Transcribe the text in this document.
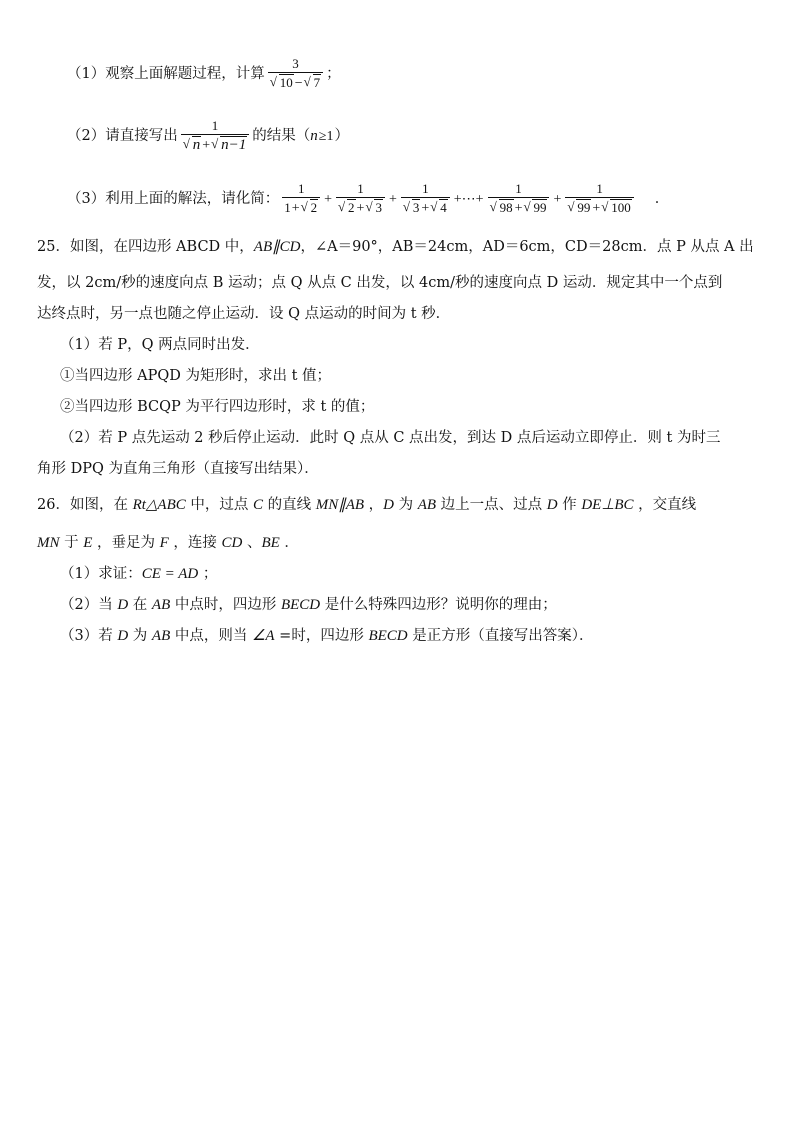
（1）观察上面解题过程，计算 $\frac{3}{√ 10 - √ 7}$ ；
（2）请直接写出 $\frac{1}{√ n + √ n-1}$ 的结果（n≥1）
（3）利用上面的解法，请化简： $\frac{1}{1+ √ 2} + \frac{1}{√ 2 + √ 3} + \frac{1}{√ 3 + √ 4}$ +⋯+ $\frac{1}{√ 98 + √ 99} + \frac{1}{√ 99 + √ 100}$ ．
25．如图，在四边形 ABCD 中，AB∥CD，∠A＝90°，AB＝24cm，AD＝6cm，CD＝28cm．点 P 从点 A 出
发，以 2cm/秒的速度向点 B 运动；点 Q 从点 C 出发，以 4cm/秒的速度向点 D 运动．规定其中一个点到
达终点时，另一点也随之停止运动．设 Q 点运动的时间为 t 秒．
（1）若 P，Q 两点同时出发．
①当四边形 APQD 为矩形时，求出 t 值；
②当四边形 BCQP 为平行四边形时，求 t 的值；
（2）若 P 点先运动 2 秒后停止运动．此时 Q 点从 C 点出发，到达 D 点后运动立即停止．则 t 为时三
角形 DPQ 为直角三角形（直接写出结果）．
26．如图，在 Rt△ABC 中，过点 C 的直线 MN∥AB ，D 为 AB 边上一点、过点 D 作 DE⊥BC ，交直线
MN 于 E ，垂足为 F ，连接 CD 、BE ．
（1）求证：CE = AD ；
（2）当 D 在 AB 中点时，四边形 BECD 是什么特殊四边形？说明你的理由；
（3）若 D 为 AB 中点，则当 ∠A =时，四边形 BECD 是正方形（直接写出答案）．
